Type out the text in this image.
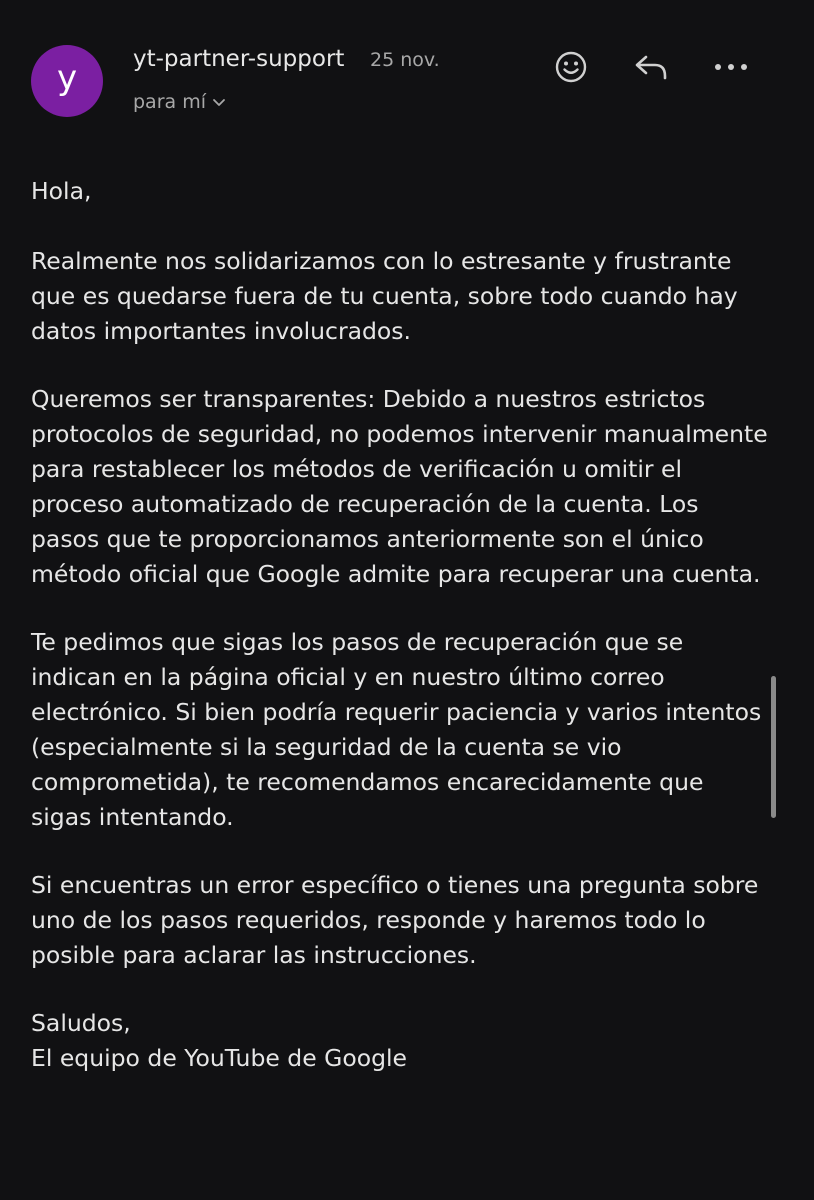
y	yt-partner-support 25 nov.
para mí

Hola,

Realmente nos solidarizamos con lo estresante y frustrante que es quedarse fuera de tu cuenta, sobre todo cuando hay datos importantes involucrados.

Queremos ser transparentes: Debido a nuestros estrictos protocolos de seguridad, no podemos intervenir manualmente para restablecer los métodos de verificación u omitir el proceso automatizado de recuperación de la cuenta. Los pasos que te proporcionamos anteriormente son el único método oficial que Google admite para recuperar una cuenta.

Te pedimos que sigas los pasos de recuperación que se indican en la página oficial y en nuestro último correo electrónico. Si bien podría requerir paciencia y varios intentos (especialmente si la seguridad de la cuenta se vio comprometida), te recomendamos encarecidamente que sigas intentando.

Si encuentras un error específico o tienes una pregunta sobre uno de los pasos requeridos, responde y haremos todo lo posible para aclarar las instrucciones.

Saludos,

El equipo de YouTube de Google
